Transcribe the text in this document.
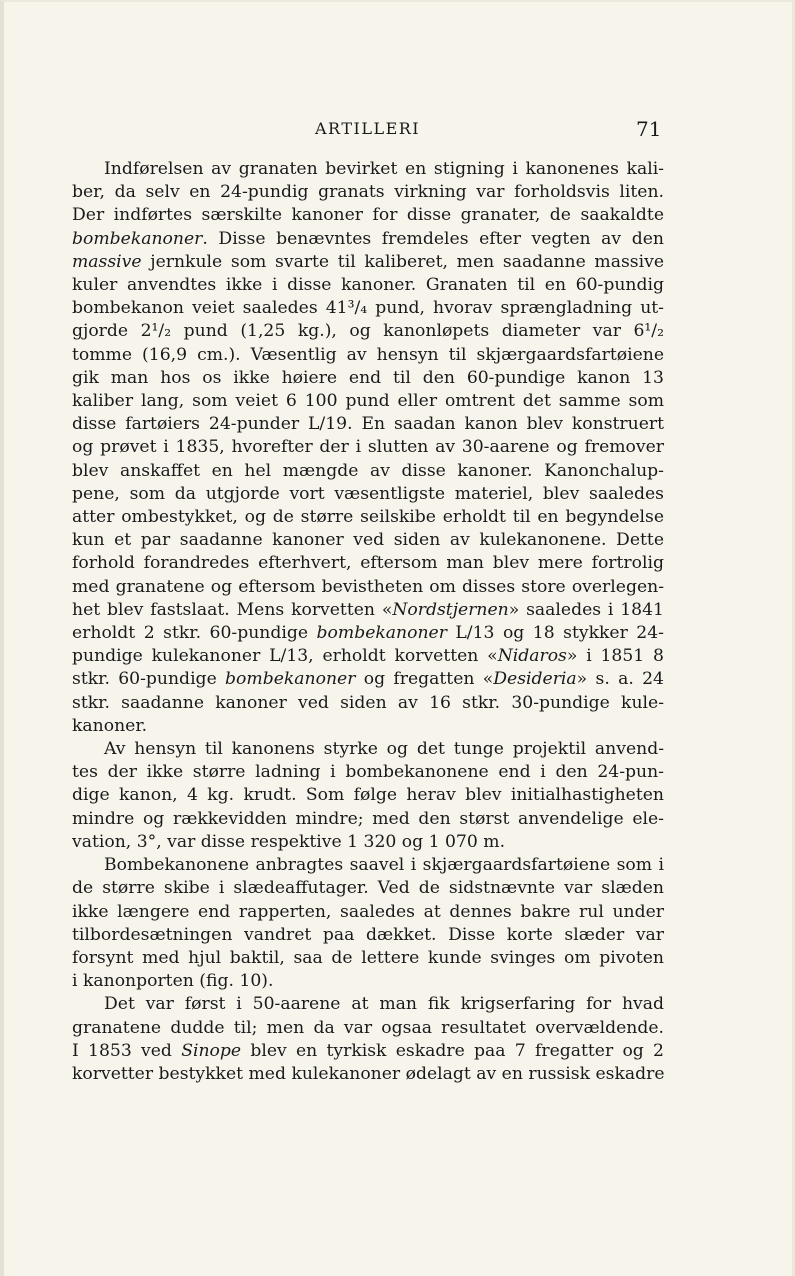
ARTILLERI	71
Indførelsen av granaten bevirket en stigning i kanonenes kali-
ber, da selv en 24-pundig granats virkning var forholdsvis liten.
Der indførtes særskilte kanoner for disse granater, de saakaldte
bombekanoner. Disse benævntes fremdeles efter vegten av den
massive jernkule som svarte til kaliberet, men saadanne massive
kuler anvendtes ikke i disse kanoner. Granaten til en 60-pundig
bombekanon veiet saaledes 41³/₄ pund, hvorav sprængladning ut-
gjorde 2¹/₂ pund (1,25 kg.), og kanonløpets diameter var 6¹/₂
tomme (16,9 cm.). Væsentlig av hensyn til skjærgaardsfartøiene
gik man hos os ikke høiere end til den 60-pundige kanon 13
kaliber lang, som veiet 6 100 pund eller omtrent det samme som
disse fartøiers 24-punder L/19. En saadan kanon blev konstruert
og prøvet i 1835, hvorefter der i slutten av 30-aarene og fremover
blev anskaffet en hel mængde av disse kanoner. Kanonchalup-
pene, som da utgjorde vort væsentligste materiel, blev saaledes
atter ombestykket, og de større seilskibe erholdt til en begyndelse
kun et par saadanne kanoner ved siden av kulekanonene. Dette
forhold forandredes efterhvert, eftersom man blev mere fortrolig
med granatene og eftersom bevistheten om disses store overlegen-
het blev fastslaat. Mens korvetten «Nordstjernen» saaledes i 1841
erholdt 2 stkr. 60-pundige bombekanoner L/13 og 18 stykker 24-
pundige kulekanoner L/13, erholdt korvetten «Nidaros» i 1851 8
stkr. 60-pundige bombekanoner og fregatten «Desideria» s. a. 24
stkr. saadanne kanoner ved siden av 16 stkr. 30-pundige kule-
kanoner.
Av hensyn til kanonens styrke og det tunge projektil anvend-
tes der ikke større ladning i bombekanonene end i den 24-pun-
dige kanon, 4 kg. krudt. Som følge herav blev initialhastigheten
mindre og rækkevidden mindre; med den størst anvendelige ele-
vation, 3°, var disse respektive 1 320 og 1 070 m.
Bombekanonene anbragtes saavel i skjærgaardsfartøiene som i
de større skibe i slædeaffutager. Ved de sidstnævnte var slæden
ikke længere end rapperten, saaledes at dennes bakre rul under
tilbordesætningen vandret paa dækket. Disse korte slæder var
forsynt med hjul baktil, saa de lettere kunde svinges om pivoten
i kanonporten (fig. 10).
Det var først i 50-aarene at man fik krigserfaring for hvad
granatene dudde til; men da var ogsaa resultatet overvældende.
I 1853 ved Sinope blev en tyrkisk eskadre paa 7 fregatter og 2
korvetter bestykket med kulekanoner ødelagt av en russisk eskadre
